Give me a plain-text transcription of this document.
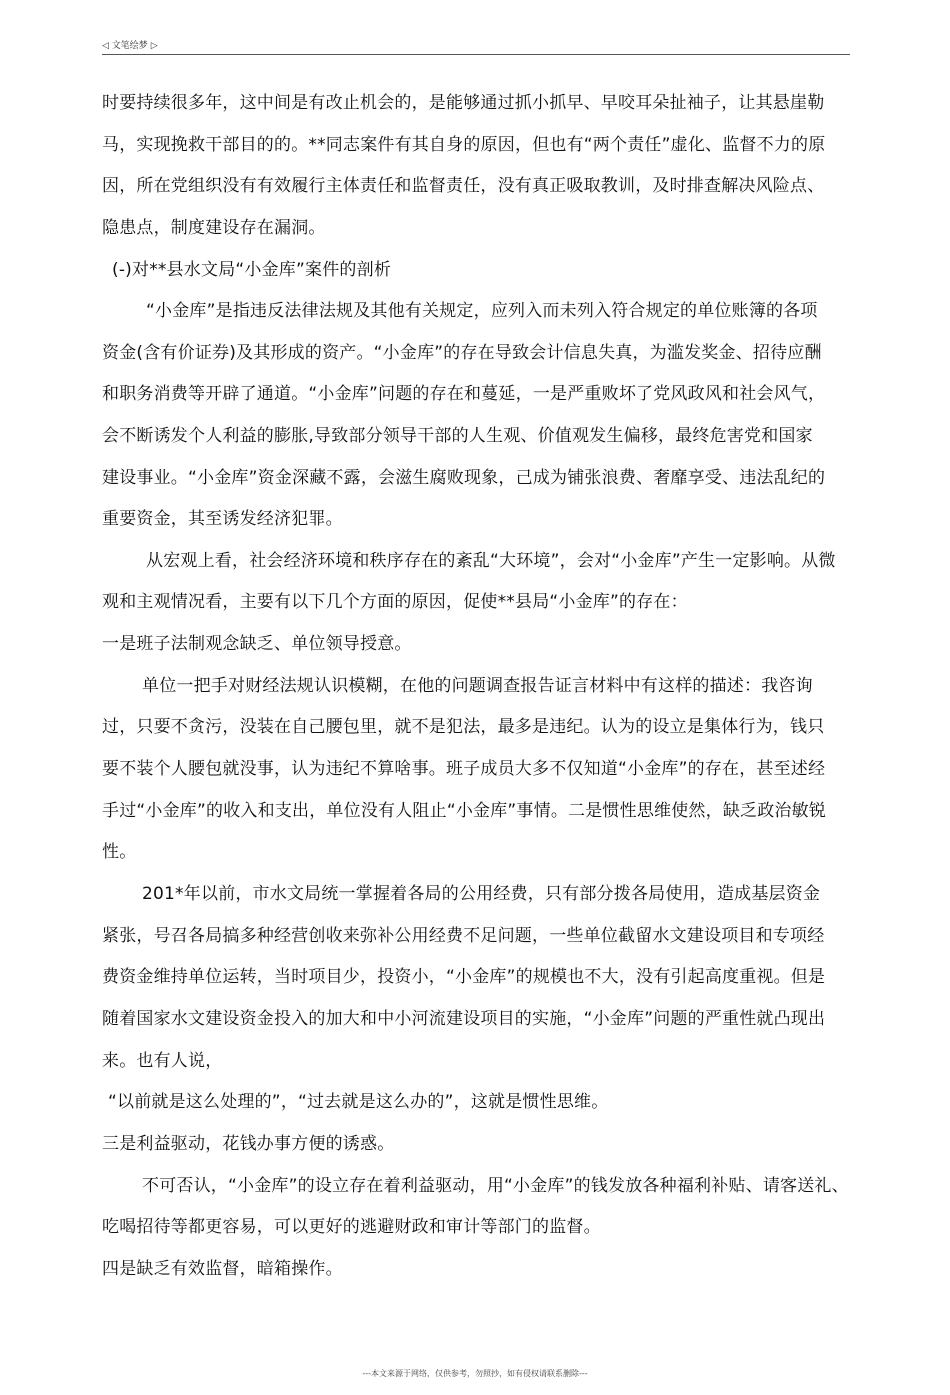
◁ 文笔绘梦 ▷
时要持续很多年，这中间是有改止机会的，是能够通过抓小抓早、早咬耳朵扯袖子，让其悬崖勒
马，实现挽救干部目的的。**同志案件有其自身的原因，但也有“两个责任”虚化、监督不力的原
因，所在党组织没有有效履行主体责任和监督责任，没有真正吸取教训，及时排查解决风险点、
隐患点，制度建设存在漏洞。
(-)对**县水文局“小金库”案件的剖析
“小金库”是指违反法律法规及其他有关规定，应列入而未列入符合规定的单位账簿的各项
资金(含有价证券)及其形成的资产。“小金库”的存在导致会计信息失真，为滥发奖金、招待应酬
和职务消费等开辟了通道。“小金库”问题的存在和蔓延，一是严重败坏了党风政风和社会风气，
会不断诱发个人利益的膨胀,导致部分领导干部的人生观、价值观发生偏移，最终危害党和国家
建设事业。“小金库”资金深藏不露，会滋生腐败现象，己成为铺张浪费、奢靡享受、违法乱纪的
重要资金，其至诱发经济犯罪。
从宏观上看，社会经济环境和秩序存在的紊乱“大环境”，会对“小金库”产生一定影响。从微
观和主观情况看，主要有以下几个方面的原因，促使**县局“小金库”的存在：
一是班子法制观念缺乏、单位领导授意。
单位一把手对财经法规认识模糊，在他的问题调查报告证言材料中有这样的描述：我咨询
过，只要不贪污，没装在自己腰包里，就不是犯法，最多是违纪。认为的设立是集体行为，钱只
要不装个人腰包就没事，认为违纪不算啥事。班子成员大多不仅知道“小金库”的存在，甚至述经
手过“小金库”的收入和支出，单位没有人阻止“小金库”事情。二是惯性思维使然，缺乏政治敏锐
性。
201*年以前，市水文局统一掌握着各局的公用经费，只有部分拨各局使用，造成基层资金
紧张，号召各局搞多种经营创收来弥补公用经费不足问题，一些单位截留水文建设项目和专项经
费资金维持单位运转，当时项目少，投资小，“小金库”的规模也不大，没有引起高度重视。但是
随着国家水文建设资金投入的加大和中小河流建设项目的实施，“小金库”问题的严重性就凸现出
来。也有人说，
“以前就是这么处理的”，“过去就是这么办的”，这就是惯性思维。
三是利益驱动，花钱办事方便的诱惑。
不可否认，“小金库”的设立存在着利益驱动，用“小金库”的钱发放各种福利补贴、请客送礼、
吃喝招待等都更容易，可以更好的逃避财政和审计等部门的监督。
四是缺乏有效监督，暗箱操作。
---本文来源于网络，仅供参考，勿照抄，如有侵权请联系删除---
